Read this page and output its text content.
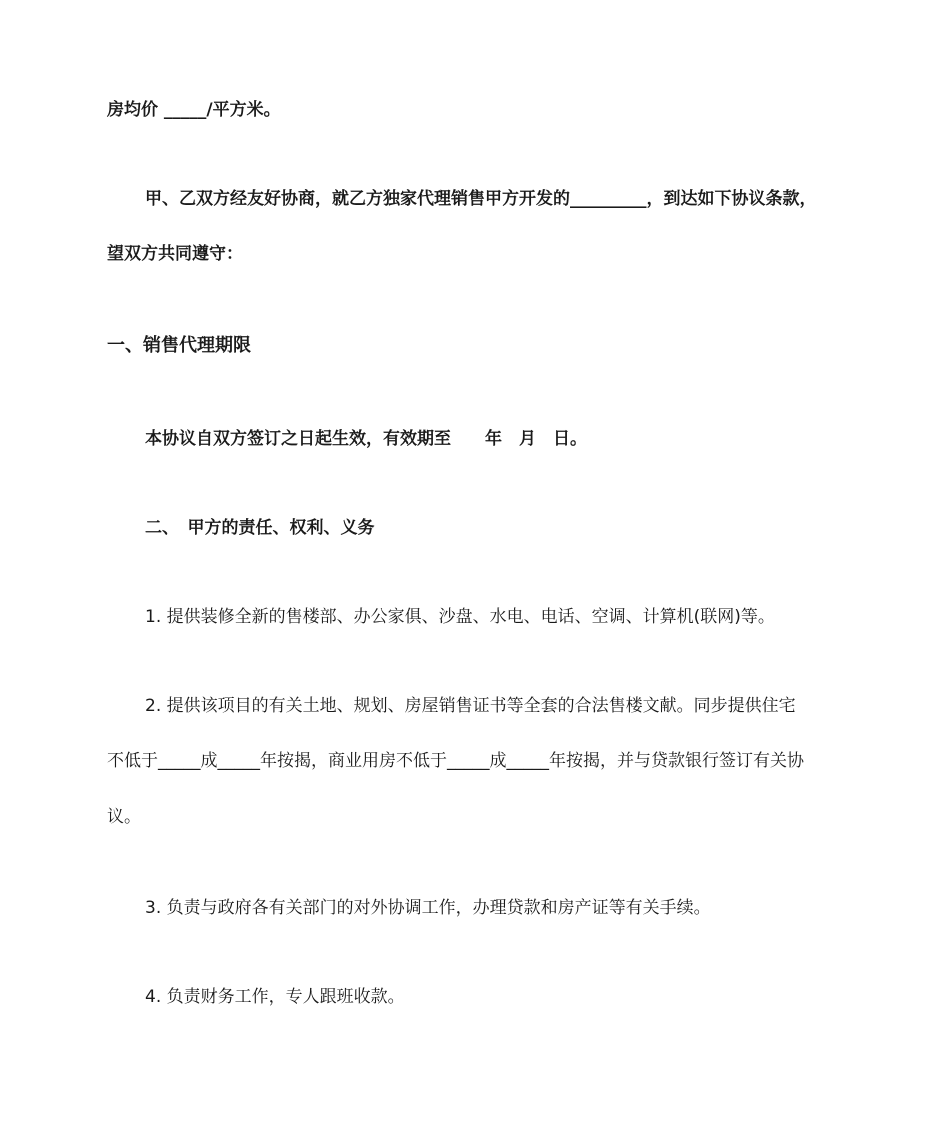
房均价 _____/平方米。
甲、乙双方经友好协商，就乙方独家代理销售甲方开发的_________，到达如下协议条款，
望双方共同遵守：
一、销售代理期限
本协议自双方签订之日起生效，有效期至　　年　月　日。
二、　甲方的责任、权利、义务
1. 提供装修全新的售楼部、办公家俱、沙盘、水电、电话、空调、计算机(联网)等。
2. 提供该项目的有关土地、规划、房屋销售证书等全套的合法售楼文献。同步提供住宅
不低于_____成_____年按揭，商业用房不低于_____成_____年按揭，并与贷款银行签订有关协
议。
3. 负责与政府各有关部门的对外协调工作，办理贷款和房产证等有关手续。
4. 负责财务工作，专人跟班收款。
